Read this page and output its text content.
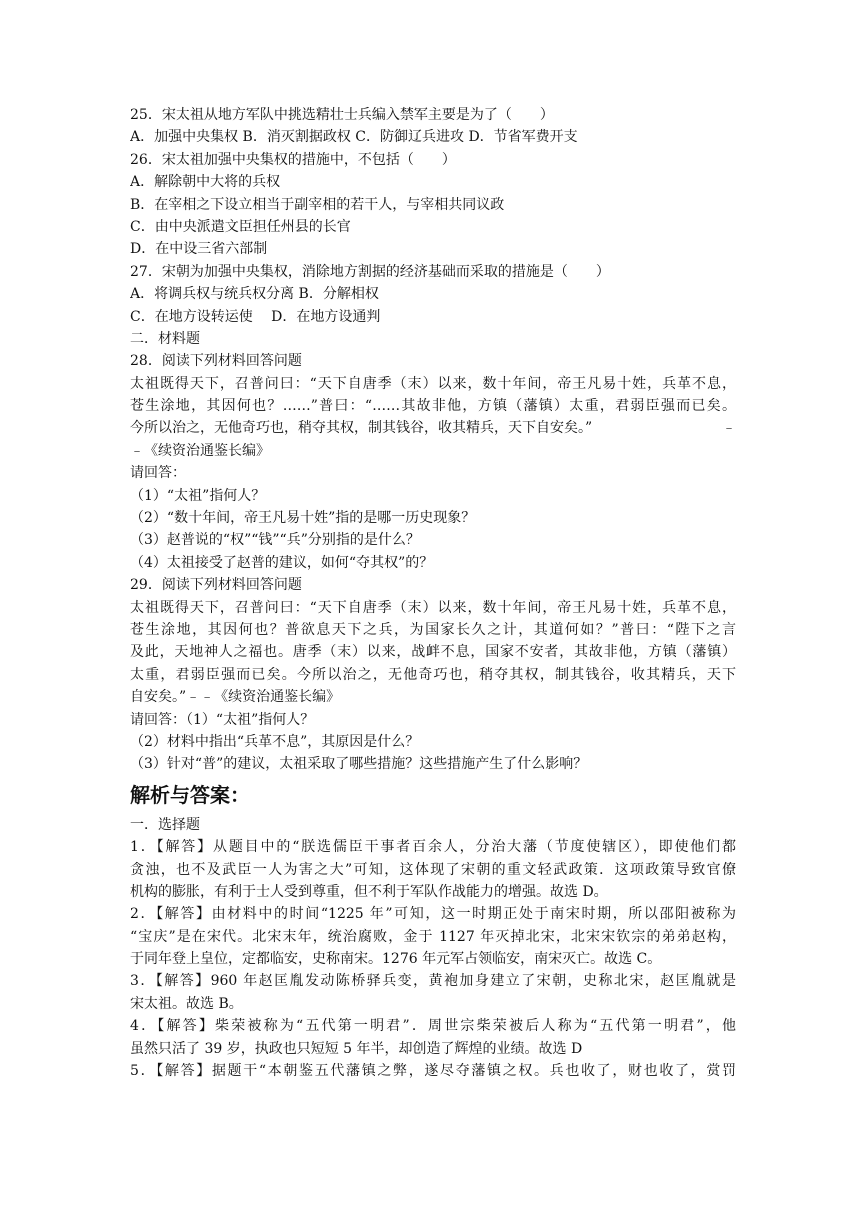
25．宋太祖从地方军队中挑选精壮士兵编入禁军主要是为了（　　）
A．加强中央集权 B．消灭割据政权 C．防御辽兵进攻 D．节省军费开支
26．宋太祖加强中央集权的措施中，不包括（　　）
A．解除朝中大将的兵权
B．在宰相之下设立相当于副宰相的若干人，与宰相共同议政
C．由中央派遣文臣担任州县的长官
D．在中设三省六部制
27．宋朝为加强中央集权，消除地方割据的经济基础而采取的措施是（　　）
A．将调兵权与统兵权分离 B．分解相权
C．在地方设转运使　 D．在地方设通判
二．材料题
28．阅读下列材料回答问题
太祖既得天下，召普问曰：“天下自唐季（末）以来，数十年间，帝王凡易十姓，兵革不息，
苍生涂地，其因何也？……”普曰：“……其故非他，方镇（藩镇）太重，君弱臣强而已矣。
今所以治之，无他奇巧也，稍夺其权，制其钱谷，收其精兵，天下自安矣。”	﹣
﹣《续资治通鉴长编》
请回答：
（1）“太祖”指何人？
（2）“数十年间，帝王凡易十姓”指的是哪一历史现象？
（3）赵普说的“权”“钱”“兵”分别指的是什么？
（4）太祖接受了赵普的建议，如何“夺其权”的？
29．阅读下列材料回答问题
太祖既得天下，召普问曰：“天下自唐季（末）以来，数十年间，帝王凡易十姓，兵革不息，
苍生涂地，其因何也？普欲息天下之兵，为国家长久之计，其道何如？”普曰：“陛下之言
及此，天地神人之福也。唐季（末）以来，战衅不息，国家不安者，其故非他，方镇（藩镇）
太重，君弱臣强而已矣。今所以治之，无他奇巧也，稍夺其权，制其钱谷，收其精兵，天下
自安矣。”﹣﹣《续资治通鉴长编》
请回答：（1）“太祖”指何人？
（2）材料中指出“兵革不息”，其原因是什么？
（3）针对“普”的建议，太祖采取了哪些措施？这些措施产生了什么影响？
解析与答案：
一．选择题
1．【解答】从题目中的“朕选儒臣干事者百余人，分治大藩（节度使辖区），即使他们都
贪浊，也不及武臣一人为害之大”可知，这体现了宋朝的重文轻武政策．这项政策导致官僚
机构的膨胀，有利于士人受到尊重，但不利于军队作战能力的增强。故选 D。
2．【解答】由材料中的时间“1225 年”可知，这一时期正处于南宋时期，所以邵阳被称为
“宝庆”是在宋代。北宋末年，统治腐败，金于 1127 年灭掉北宋，北宋宋钦宗的弟弟赵构，
于同年登上皇位，定都临安，史称南宋。1276 年元军占领临安，南宋灭亡。故选 C。
3．【解答】960 年赵匡胤发动陈桥驿兵变，黄袍加身建立了宋朝，史称北宋，赵匡胤就是
宋太祖。故选 B。
4．【解答】柴荣被称为“五代第一明君”．周世宗柴荣被后人称为“五代第一明君”，他
虽然只活了 39 岁，执政也只短短 5 年半，却创造了辉煌的业绩。故选 D
5．【解答】据题干“本朝鉴五代藩镇之弊，遂尽夺藩镇之权。兵也收了，财也收了，赏罚
